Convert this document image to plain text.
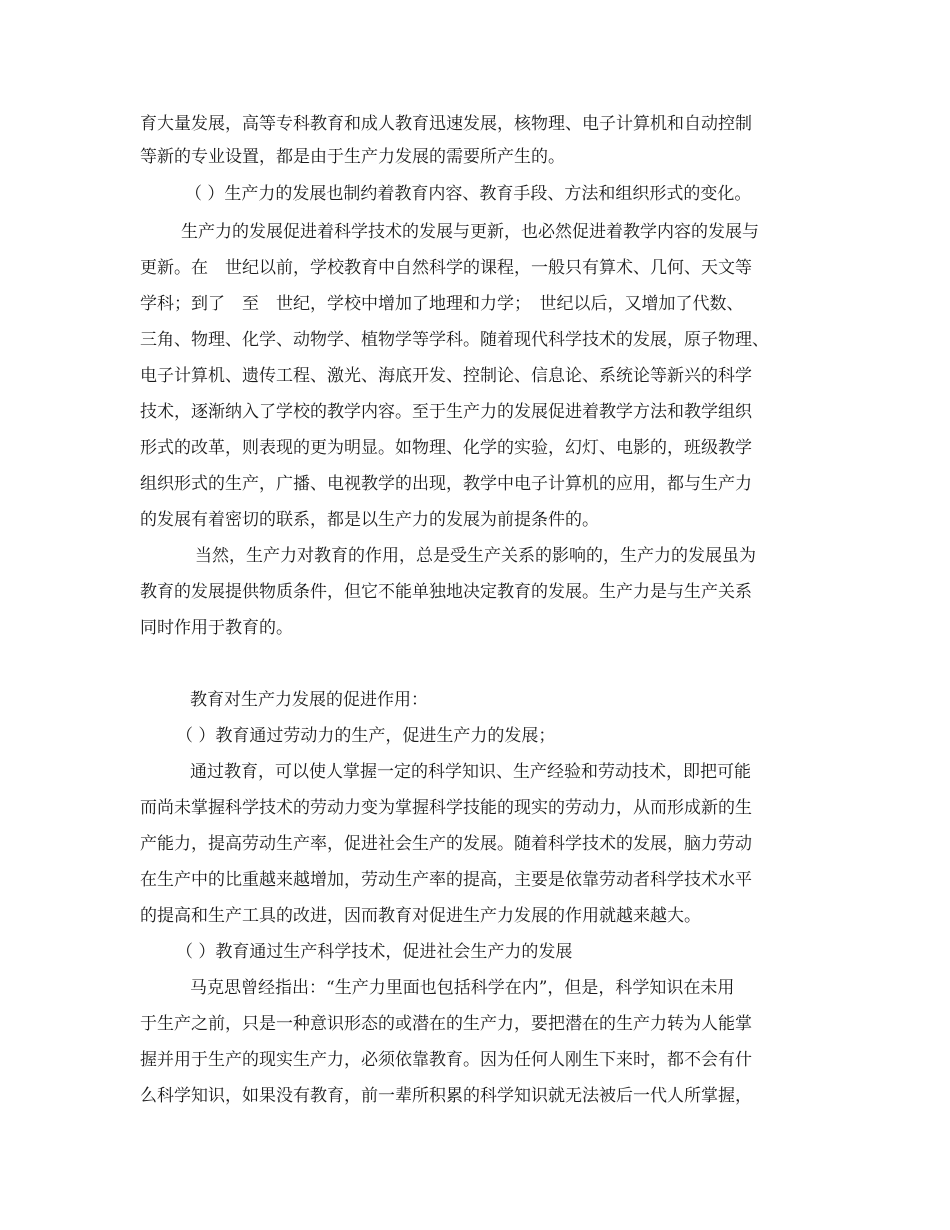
育大量发展，高等专科教育和成人教育迅速发展，核物理、电子计算机和自动控制
等新的专业设置，都是由于生产力发展的需要所产生的。
（ ）生产力的发展也制约着教育内容、教育手段、方法和组织形式的变化。
生产力的发展促进着科学技术的发展与更新，也必然促进着教学内容的发展与
更新。在　世纪以前，学校教育中自然科学的课程，一般只有算术、几何、天文等
学科；到了　至　世纪，学校中增加了地理和力学；　世纪以后，又增加了代数、
三角、物理、化学、动物学、植物学等学科。随着现代科学技术的发展，原子物理、
电子计算机、遗传工程、激光、海底开发、控制论、信息论、系统论等新兴的科学
技术，逐渐纳入了学校的教学内容。至于生产力的发展促进着教学方法和教学组织
形式的改革，则表现的更为明显。如物理、化学的实验，幻灯、电影的，班级教学
组织形式的生产，广播、电视教学的出现，教学中电子计算机的应用，都与生产力
的发展有着密切的联系，都是以生产力的发展为前提条件的。
当然，生产力对教育的作用，总是受生产关系的影响的，生产力的发展虽为
教育的发展提供物质条件，但它不能单独地决定教育的发展。生产力是与生产关系
同时作用于教育的。
教育对生产力发展的促进作用：
（ ）教育通过劳动力的生产，促进生产力的发展；
通过教育，可以使人掌握一定的科学知识、生产经验和劳动技术，即把可能
而尚未掌握科学技术的劳动力变为掌握科学技能的现实的劳动力，从而形成新的生
产能力，提高劳动生产率，促进社会生产的发展。随着科学技术的发展，脑力劳动
在生产中的比重越来越增加，劳动生产率的提高，主要是依靠劳动者科学技术水平
的提高和生产工具的改进，因而教育对促进生产力发展的作用就越来越大。
（ ）教育通过生产科学技术，促进社会生产力的发展
马克思曾经指出：“生产力里面也包括科学在内”，但是，科学知识在未用
于生产之前，只是一种意识形态的或潜在的生产力，要把潜在的生产力转为人能掌
握并用于生产的现实生产力，必须依靠教育。因为任何人刚生下来时，都不会有什
么科学知识，如果没有教育，前一辈所积累的科学知识就无法被后一代人所掌握，
